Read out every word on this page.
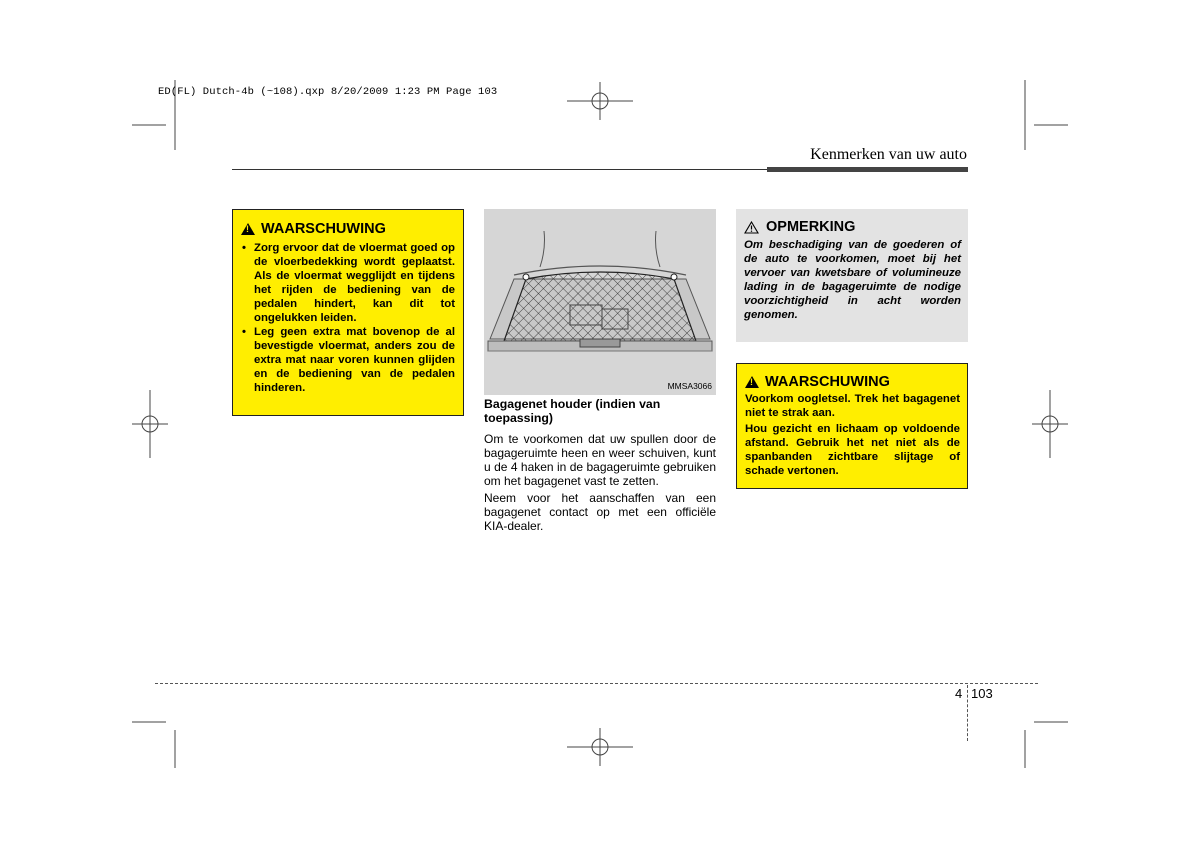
ED(FL) Dutch-4b (~108).qxp 8/20/2009 1:23 PM Page 103
Kenmerken van uw auto
!
WAARSCHUWING
• Zorg ervoor dat de vloermat goed op de vloerbedekking wordt geplaatst. Als de vloermat wegglijdt en tijdens het rijden de bediening van de pedalen hindert, kan dit tot ongelukken leiden.
• Leg geen extra mat bovenop de al bevestigde vloermat, anders zou de extra mat naar voren kunnen glijden en de bediening van de pedalen hinderen.	MMSA3066
Bagagenet houder (indien van toepassing)

Om te voorkomen dat uw spullen door de bagageruimte heen en weer schuiven, kunt u de 4 haken in de bagageruimte gebruiken om het bagagenet vast te zetten.

Neem voor het aanschaffen van een bagagenet contact op met een officiële KIA-dealer.

OPMERKING
Om beschadiging van de goederen of de auto te voorkomen, moet bij het vervoer van kwetsbare of volumineuze lading in de bagageruimte de nodige voorzichtigheid in acht worden genomen.
!
WAARSCHUWING

Voorkom oogletsel. Trek het bagagenet niet te strak aan.

Hou gezicht en lichaam op voldoende afstand. Gebruik het net niet als de spanbanden zichtbare slijtage of schade vertonen.

4 103
